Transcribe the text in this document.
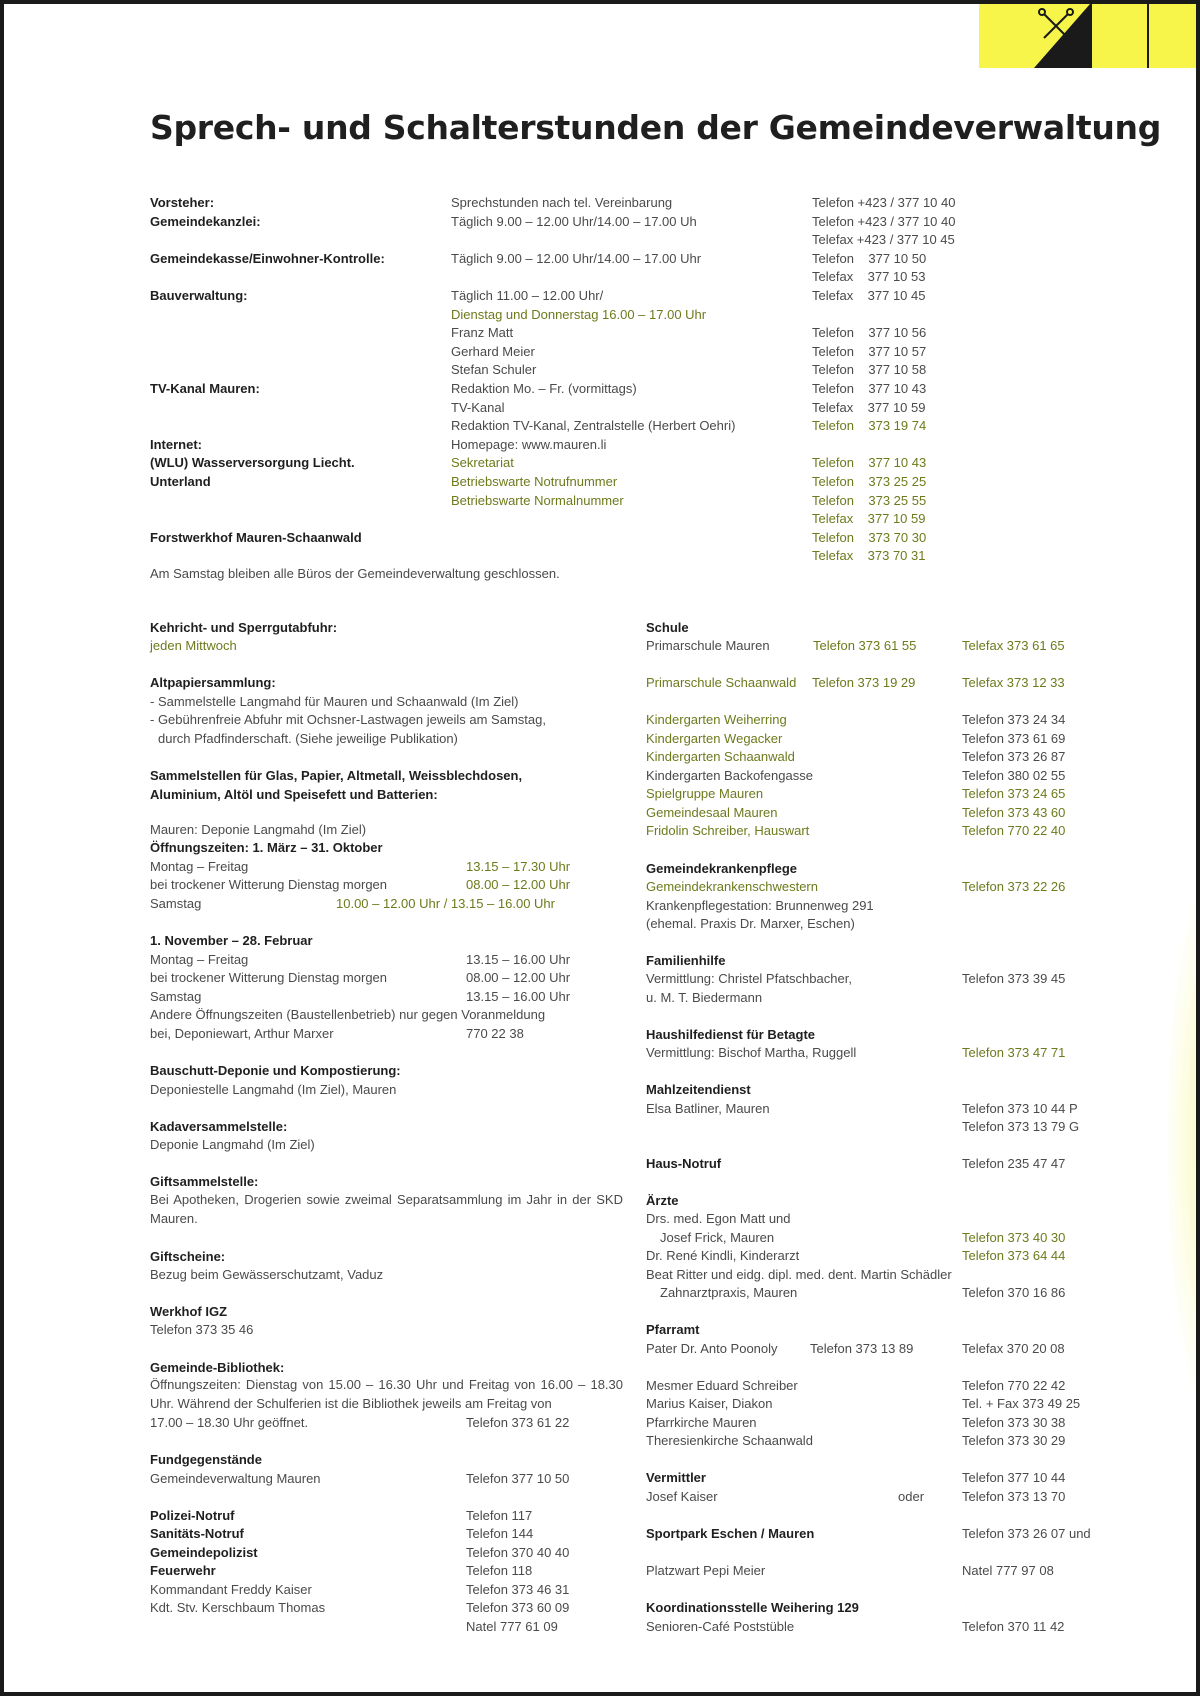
Sprech- und Schalterstunden der Gemeindeverwaltung
Vorsteher:	Sprechstunden nach tel. Vereinbarung	Telefon +423 / 377 10 40
Gemeindekanzlei:	Täglich 9.00 – 12.00 Uhr/14.00 – 17.00 Uh	Telefon +423 / 377 10 40
Telefax +423 / 377 10 45
Gemeindekasse/Einwohner-Kontrolle:	Täglich 9.00 – 12.00 Uhr/14.00 – 17.00 Uhr	Telefon    377 10 50
Telefax    377 10 53
Bauverwaltung:	Täglich 11.00 – 12.00 Uhr/	Telefax    377 10 45
Dienstag und Donnerstag 16.00 – 17.00 Uhr
Franz Matt	Telefon    377 10 56
Gerhard Meier	Telefon    377 10 57
Stefan Schuler	Telefon    377 10 58
TV-Kanal Mauren:	Redaktion Mo. – Fr. (vormittags)	Telefon    377 10 43
TV-Kanal	Telefax    377 10 59
Redaktion TV-Kanal, Zentralstelle (Herbert Oehri)	Telefon    373 19 74
Internet:	Homepage: www.mauren.li
(WLU) Wasserversorgung Liecht.	Sekretariat	Telefon    377 10 43
Unterland	Betriebswarte Notrufnummer	Telefon    373 25 25
Betriebswarte Normalnummer	Telefon    373 25 55
Telefax    377 10 59
Forstwerkhof Mauren-Schaanwald	Telefon    373 70 30
Telefax    373 70 31
Am Samstag bleiben alle Büros der Gemeindeverwaltung geschlossen.
Kehricht- und Sperrgutabfuhr:
jeden Mittwoch
Altpapiersammlung:
- Sammelstelle Langmahd für Mauren und Schaanwald (Im Ziel)
- Gebührenfreie Abfuhr mit Ochsner-Lastwagen jeweils am Samstag,
durch Pfadfinderschaft. (Siehe jeweilige Publikation)
Sammelstellen für Glas, Papier, Altmetall, Weissblechdosen,
Aluminium, Altöl und Speisefett und Batterien:
Mauren: Deponie Langmahd (Im Ziel)
Öffnungszeiten: 1. März – 31. Oktober
Montag – Freitag	13.15 – 17.30 Uhr
bei trockener Witterung Dienstag morgen	08.00 – 12.00 Uhr
Samstag	10.00 – 12.00 Uhr / 13.15 – 16.00 Uhr
1. November – 28. Februar
Montag – Freitag	13.15 – 16.00 Uhr
bei trockener Witterung Dienstag morgen	08.00 – 12.00 Uhr
Samstag	13.15 – 16.00 Uhr
Andere Öffnungszeiten (Baustellenbetrieb) nur gegen Voranmeldung
bei, Deponiewart, Arthur Marxer	770 22 38
Bauschutt-Deponie und Kompostierung:
Deponiestelle Langmahd (Im Ziel), Mauren
Kadaversammelstelle:
Deponie Langmahd (Im Ziel)
Giftsammelstelle:
Bei Apotheken, Drogerien sowie zweimal Separatsammlung im Jahr in der SKD Mauren.
Giftscheine:
Bezug beim Gewässerschutzamt, Vaduz
Werkhof IGZ
Telefon 373 35 46
Gemeinde-Bibliothek:
Öffnungszeiten: Dienstag von 15.00 – 16.30 Uhr und Freitag von 16.00 – 18.30 Uhr. Während der Schulferien ist die Bibliothek jeweils am Freitag von
17.00 – 18.30 Uhr geöffnet.	Telefon 373 61 22
Fundgegenstände
Gemeindeverwaltung Mauren	Telefon 377 10 50
Polizei-Notruf	Telefon 117
Sanitäts-Notruf	Telefon 144
Gemeindepolizist	Telefon 370 40 40
Feuerwehr	Telefon 118
Kommandant Freddy Kaiser	Telefon 373 46 31
Kdt. Stv. Kerschbaum Thomas	Telefon 373 60 09
Natel 777 61 09
Schule
Primarschule Mauren	Telefon 373 61 55	Telefax 373 61 65
Primarschule Schaanwald Telefon 373 19 29	Telefax 373 12 33
Kindergarten Weiherring	Telefon 373 24 34
Kindergarten Wegacker	Telefon 373 61 69
Kindergarten Schaanwald	Telefon 373 26 87
Kindergarten Backofengasse	Telefon 380 02 55
Spielgruppe Mauren	Telefon 373 24 65
Gemeindesaal Mauren	Telefon 373 43 60
Fridolin Schreiber, Hauswart	Telefon 770 22 40
Gemeindekrankenpflege
Gemeindekrankenschwestern	Telefon 373 22 26
Krankenpflegestation: Brunnenweg 291
(ehemal. Praxis Dr. Marxer, Eschen)
Familienhilfe
Vermittlung: Christel Pfatschbacher,	Telefon 373 39 45
u. M. T. Biedermann
Haushilfedienst für Betagte
Vermittlung: Bischof Martha, Ruggell	Telefon 373 47 71
Mahlzeitendienst
Elsa Batliner, Mauren	Telefon 373 10 44 P
Telefon 373 13 79 G
Haus-Notruf	Telefon 235 47 47
Ärzte
Drs. med. Egon Matt und
Josef Frick, Mauren	Telefon 373 40 30
Dr. René Kindli, Kinderarzt	Telefon 373 64 44
Beat Ritter und eidg. dipl. med. dent. Martin Schädler
Zahnarztpraxis, Mauren	Telefon 370 16 86
Pfarramt
Pater Dr. Anto Poonoly Telefon 373 13 89	Telefax 370 20 08
Mesmer Eduard Schreiber	Telefon 770 22 42
Marius Kaiser, Diakon	Tel. + Fax 373 49 25
Pfarrkirche Mauren	Telefon 373 30 38
Theresienkirche Schaanwald	Telefon 373 30 29
Vermittler	Telefon 377 10 44
Josef Kaiser	oder	Telefon 373 13 70
Sportpark Eschen / Mauren	Telefon 373 26 07 und
Platzwart Pepi Meier	Natel 777 97 08
Koordinationsstelle Weihering 129
Senioren-Café Poststüble	Telefon 370 11 42
